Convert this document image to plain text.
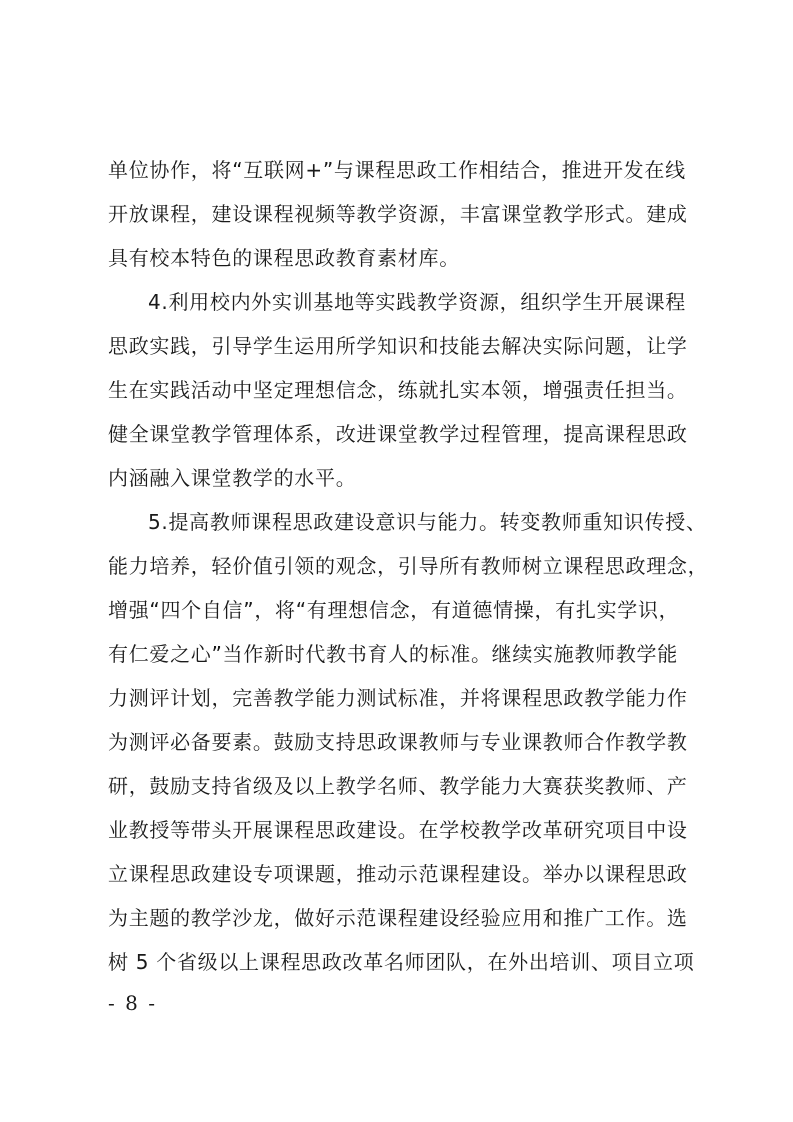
单位协作，将“互联网+”与课程思政工作相结合，推进开发在线
开放课程，建设课程视频等教学资源，丰富课堂教学形式。建成
具有校本特色的课程思政教育素材库。
4.利用校内外实训基地等实践教学资源，组织学生开展课程
思政实践，引导学生运用所学知识和技能去解决实际问题，让学
生在实践活动中坚定理想信念，练就扎实本领，增强责任担当。
健全课堂教学管理体系，改进课堂教学过程管理，提高课程思政
内涵融入课堂教学的水平。
5.提高教师课程思政建设意识与能力。转变教师重知识传授、
能力培养，轻价值引领的观念，引导所有教师树立课程思政理念，
增强“四个自信”，将“有理想信念，有道德情操，有扎实学识，
有仁爱之心”当作新时代教书育人的标准。继续实施教师教学能
力测评计划，完善教学能力测试标准，并将课程思政教学能力作
为测评必备要素。鼓励支持思政课教师与专业课教师合作教学教
研，鼓励支持省级及以上教学名师、教学能力大赛获奖教师、产
业教授等带头开展课程思政建设。在学校教学改革研究项目中设
立课程思政建设专项课题，推动示范课程建设。举办以课程思政
为主题的教学沙龙，做好示范课程建设经验应用和推广工作。选
树 5 个省级以上课程思政改革名师团队，在外出培训、项目立项
- 8 -
